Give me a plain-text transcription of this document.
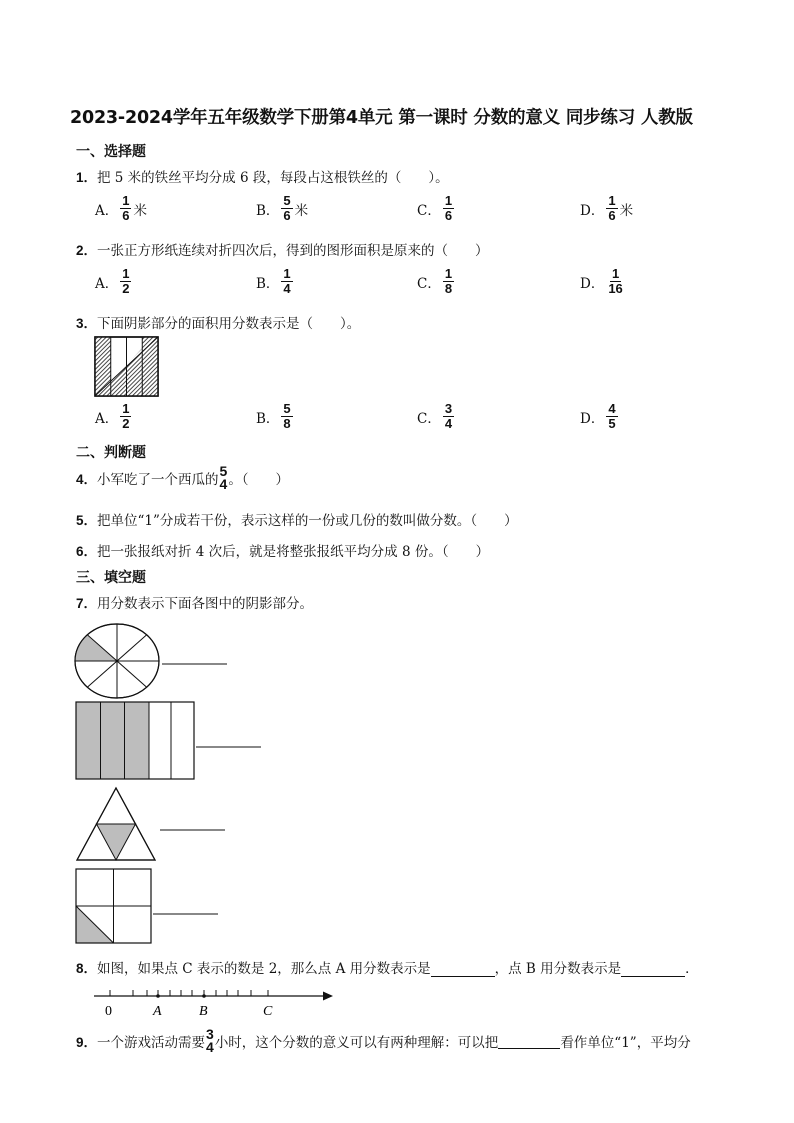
2023-2024学年五年级数学下册第4单元 第一课时 分数的意义 同步练习 人教版
一、选择题
1．把 5 米的铁丝平均分成 6 段，每段占这根铁丝的（　　）。
A． $\frac{1}{6}$ 米	B． $\frac{5}{6}$ 米	C． $\frac{1}{6}$	D． $\frac{1}{6}$ 米
2．一张正方形纸连续对折四次后，得到的图形面积是原来的（　　）
A． $\frac{1}{2}$	B． $\frac{1}{4}$	C． $\frac{1}{8}$	D． $\frac{1}{16}$
3．下面阴影部分的面积用分数表示是（　　）。
A． $\frac{1}{2}$	B． $\frac{5}{8}$	C． $\frac{3}{4}$	D． $\frac{4}{5}$
二、判断题
4． 小军吃了一个西瓜的
5
4 。（　　）
5．把单位“1”分成若干份，表示这样的一份或几份的数叫做分数。（　　）
6．把一张报纸对折 4 次后，就是将整张报纸平均分成 8 份。（　　）
三、填空题
7．用分数表示下面各图中的阴影部分。
8．如图，如果点 C 表示的数是 2，那么点 A 用分数表示是	，点 B 用分数表示是	．
0	A	B	C
9． 一个游戏活动需要
3
4 小时，这个分数的意义可以有两种理解：可以把	看作单位“1”，平均分
